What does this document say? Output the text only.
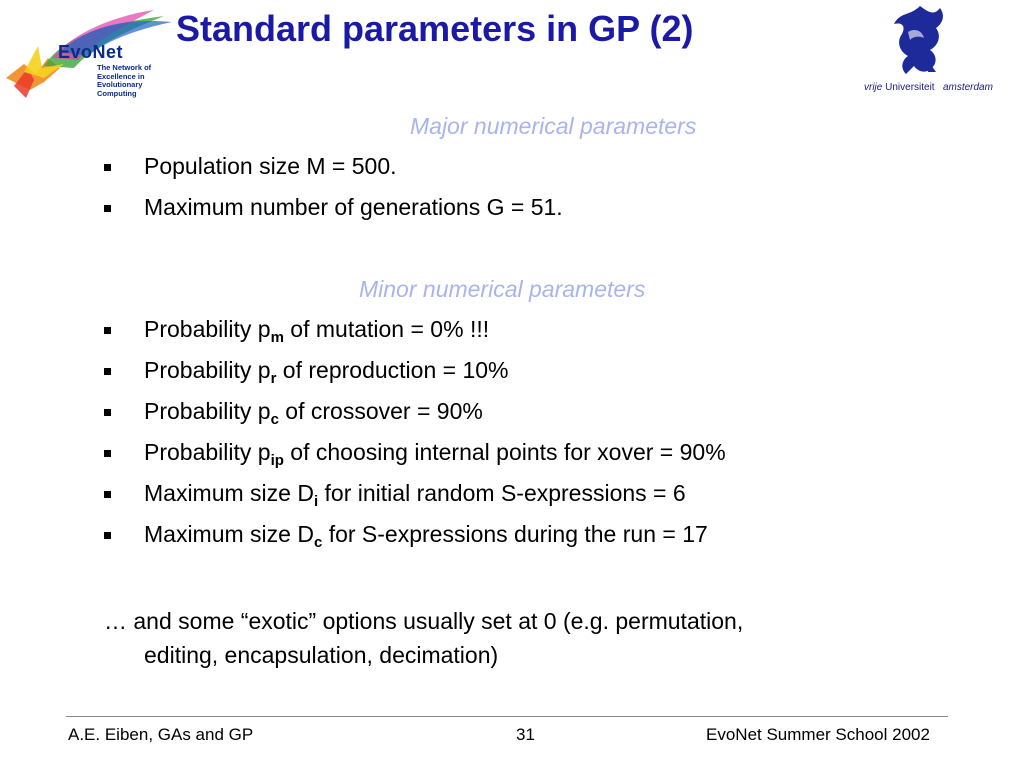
EvoNet
The Network of
Excellence in
Evolutionary
Computing
Standard parameters in GP (2)
vrije Universiteit amsterdam
Major numerical parameters
Population size M = 500.
Maximum number of generations G = 51.
Minor numerical parameters
Probability $p_m$ of mutation = 0% !!!
Probability $p_r$ of reproduction = 10%
Probability $p_c$ of crossover = 90%
Probability $p_{ip}$ of choosing internal points for xover = 90%
Maximum size $D_i$ for initial random S-expressions = 6
Maximum size $D_c$ for S-expressions during the run = 17
… and some “exotic” options usually set at 0 (e.g. permutation,
editing, encapsulation, decimation)
A.E. Eiben, GAs and GP	31	EvoNet Summer School 2002
